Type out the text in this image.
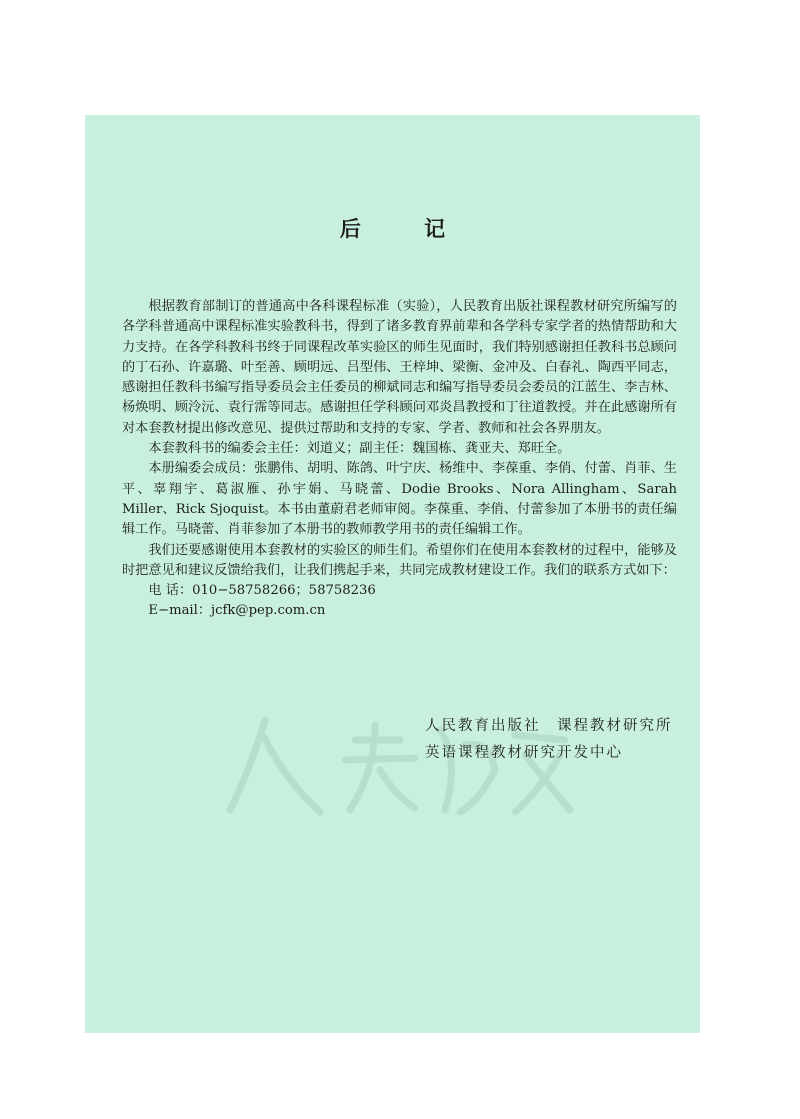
后 记

根据教育部制订的普通高中各科课程标准（实验），人民教育出版社课程教材研究所编写的各学科普通高中课程标准实验教科书，得到了诸多教育界前辈和各学科专家学者的热情帮助和大力支持。在各学科教科书终于同课程改革实验区的师生见面时，我们特别感谢担任教科书总顾问的丁石孙、许嘉璐、叶至善、顾明远、吕型伟、王梓坤、梁衡、金冲及、白春礼、陶西平同志，感谢担任教科书编写指导委员会主任委员的柳斌同志和编写指导委员会委员的江蓝生、李吉林、杨焕明、顾泠沅、袁行霈等同志。感谢担任学科顾问邓炎昌教授和丁往道教授。并在此感谢所有对本套教材提出修改意见、提供过帮助和支持的专家、学者、教师和社会各界朋友。

本套教科书的编委会主任：刘道义；副主任：魏国栋、龚亚夫、郑旺全。

本册编委会成员：张鹏伟、胡明、陈鸽、叶宁庆、杨维中、李葆重、李俏、付蕾、肖菲、生平、辜翔宇、葛淑雁、孙宇娟、马晓蕾、Dodie Brooks、Nora Allingham、Sarah Miller、Rick Sjoquist。本书由董蔚君老师审阅。李葆重、李俏、付蕾参加了本册书的责任编辑工作。马晓蕾、肖菲参加了本册书的教师教学用书的责任编辑工作。

我们还要感谢使用本套教材的实验区的师生们。希望你们在使用本套教材的过程中，能够及时把意见和建议反馈给我们，让我们携起手来，共同完成教材建设工作。我们的联系方式如下：

电 话：010−58758266；58758236
E−mail：jcfk@pep.com.cn
人民教育出版社　课程教材研究所
英语课程教材研究开发中心
